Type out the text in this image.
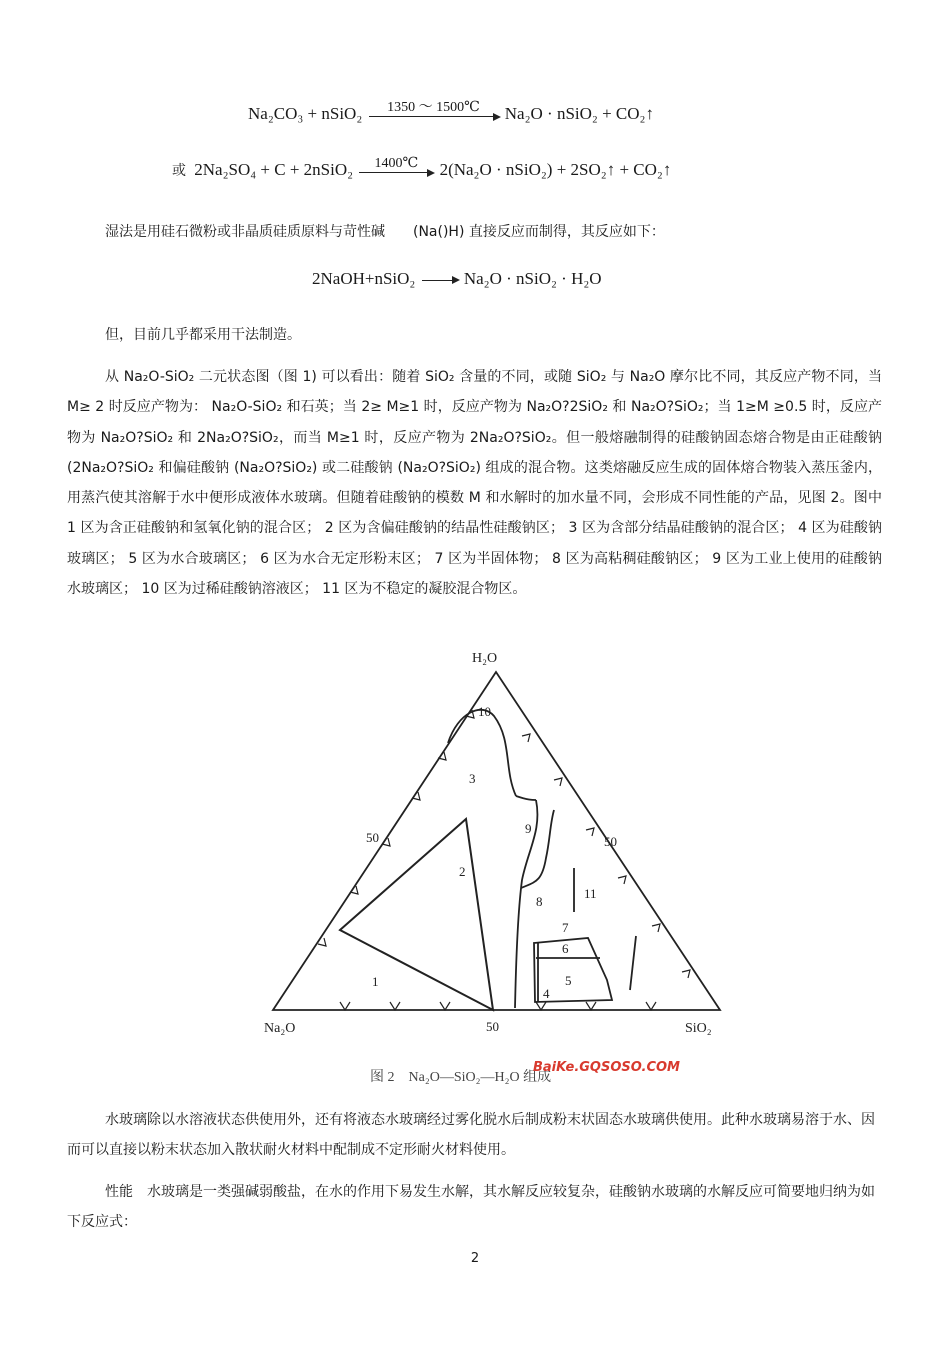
Na₂CO₃ + nSiO₂	1350 〜 1500℃	Na₂O · nSiO₂ + CO₂↑
或 2Na₂SO₄ + C + 2nSiO₂	1400℃	2(Na₂O · nSiO₂) + 2SO₂↑ + CO₂↑

湿法是用硅石微粉或非晶质硅质原料与苛性碱　　(Na()H) 直接反应而制得，其反应如下：

2NaOH+nSiO₂ → Na₂O · nSiO₂ · H₂O

但，目前几乎都采用干法制造。

从 Na₂O-SiO₂ 二元状态图（图 1) 可以看出：随着 SiO₂ 含量的不同，或随 SiO₂ 与 Na₂O 摩尔比不同，其反应产物不同，当 M≥ 2 时反应产物为： Na₂O-SiO₂ 和石英；当 2≥ M≥1 时，反应产物为 Na₂O?2SiO₂ 和 Na₂O?SiO₂；当 1≥M ≥0.5 时，反应产物为 Na₂O?SiO₂ 和 2Na₂O?SiO₂，而当 M≥1 时，反应产物为 2Na₂O?SiO₂。但一般熔融制得的硅酸钠固态熔合物是由正硅酸钠 (2Na₂O?SiO₂ 和偏硅酸钠 (Na₂O?SiO₂) 或二硅酸钠 (Na₂O?SiO₂) 组成的混合物。这类熔融反应生成的固体熔合物装入蒸压釜内，用蒸汽使其溶解于水中便形成液体水玻璃。但随着硅酸钠的模数 M 和水解时的加水量不同，会形成不同性能的产品，见图 2。图中 1 区为含正硅酸钠和氢氧化钠的混合区； 2 区为含偏硅酸钠的结晶性硅酸钠区； 3 区为含部分结晶硅酸钠的混合区； 4 区为硅酸钠玻璃区； 5 区为水合玻璃区； 6 区为水合无定形粉末区； 7 区为半固体物； 8 区为高粘稠硅酸钠区； 9 区为工业上使用的硅酸钠水玻璃区； 10 区为过稀硅酸钠溶液区； 11 区为不稳定的凝胶混合物区。

H₂O
Na₂O	SiO₂
50	50
50
1
2
3
4
5
6
7
8
9
10
11
图 2　Na₂O—SiO₂—H₂O 组成
BaiKe.GQSOSO.COM

水玻璃除以水溶液状态供使用外，还有将液态水玻璃经过雾化脱水后制成粉末状固态水玻璃供使用。此种水玻璃易溶于水、因而可以直接以粉末状态加入散状耐火材料中配制成不定形耐火材料使用。

性能　水玻璃是一类强碱弱酸盐，在水的作用下易发生水解，其水解反应较复杂，硅酸钠水玻璃的水解反应可简要地归纳为如下反应式：

2
